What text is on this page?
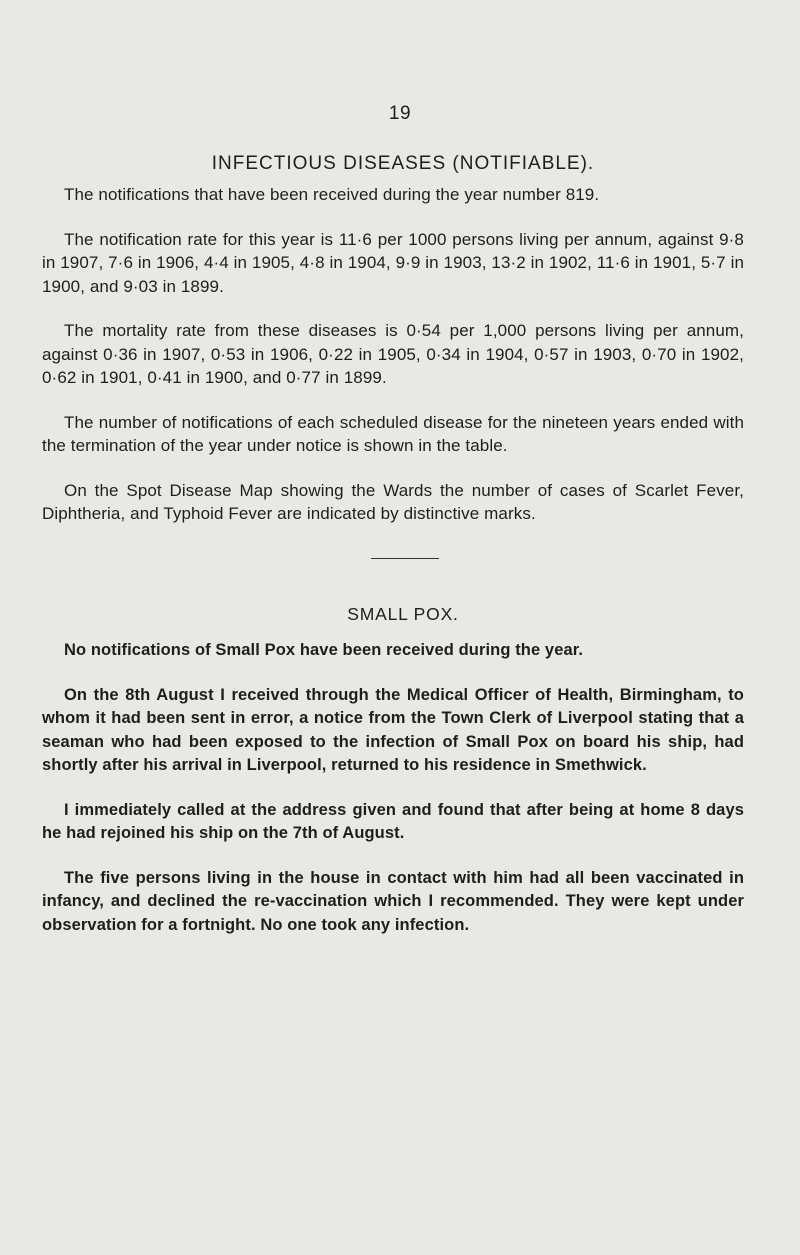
19
INFECTIOUS DISEASES (NOTIFIABLE).

The notifications that have been received during the year number 819.

The notification rate for this year is 11·6 per 1000 persons living per annum, against 9·8 in 1907, 7·6 in 1906, 4·4 in 1905, 4·8 in 1904, 9·9 in 1903, 13·2 in 1902, 11·6 in 1901, 5·7 in 1900, and 9·03 in 1899.

The mortality rate from these diseases is 0·54 per 1,000 persons living per annum, against 0·36 in 1907, 0·53 in 1906, 0·22 in 1905, 0·34 in 1904, 0·57 in 1903, 0·70 in 1902, 0·62 in 1901, 0·41 in 1900, and 0·77 in 1899.

The number of notifications of each scheduled disease for the nineteen years ended with the termination of the year under notice is shown in the table.

On the Spot Disease Map showing the Wards the number of cases of Scarlet Fever, Diphtheria, and Typhoid Fever are indicated by distinctive marks.

SMALL POX.

No notifications of Small Pox have been received during the year.

On the 8th August I received through the Medical Officer of Health, Birmingham, to whom it had been sent in error, a notice from the Town Clerk of Liverpool stating that a seaman who had been exposed to the infection of Small Pox on board his ship, had shortly after his arrival in Liverpool, returned to his residence in Smethwick.

I immediately called at the address given and found that after being at home 8 days he had rejoined his ship on the 7th of August.

The five persons living in the house in contact with him had all been vaccinated in infancy, and declined the re-vaccination which I recommended. They were kept under observation for a fortnight. No one took any infection.
